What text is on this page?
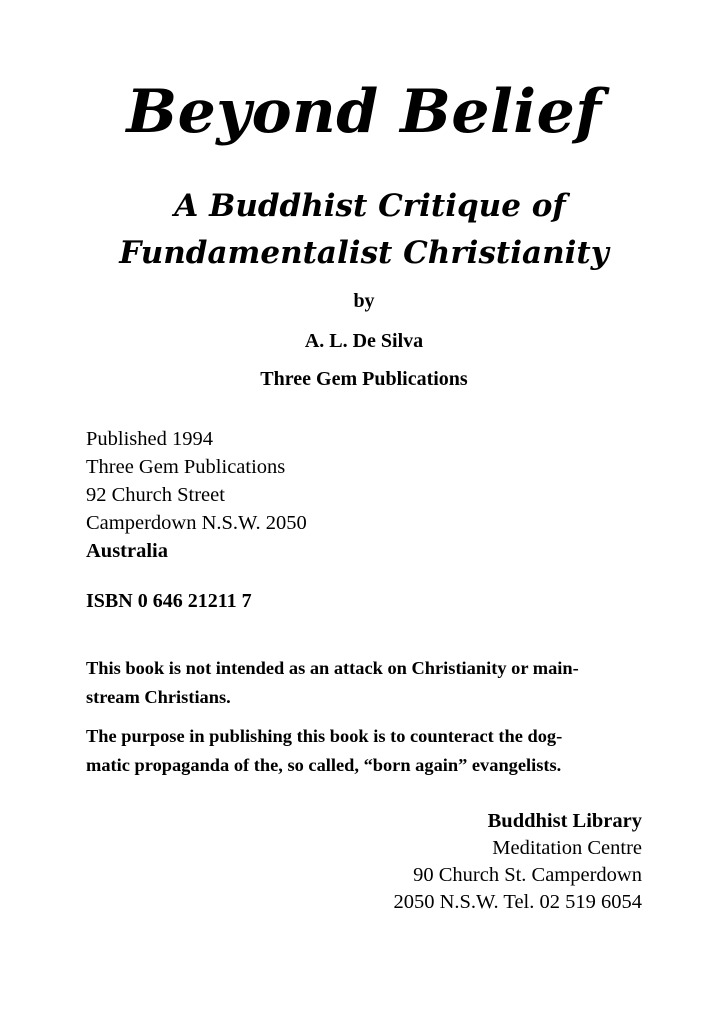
Beyond Belief
A Buddhist Critique of
Fundamentalist Christianity
by
A. L. De Silva
Three Gem Publications
Published 1994
Three Gem Publications
92 Church Street
Camperdown N.S.W. 2050
Australia
ISBN 0 646 21211 7
This book is not intended as an attack on Christianity or main-
stream Christians.
The purpose in publishing this book is to counteract the dog-
matic propaganda of the, so called, “born again” evangelists.
Buddhist Library
Meditation Centre
90 Church St. Camperdown
2050 N.S.W. Tel. 02 519 6054
